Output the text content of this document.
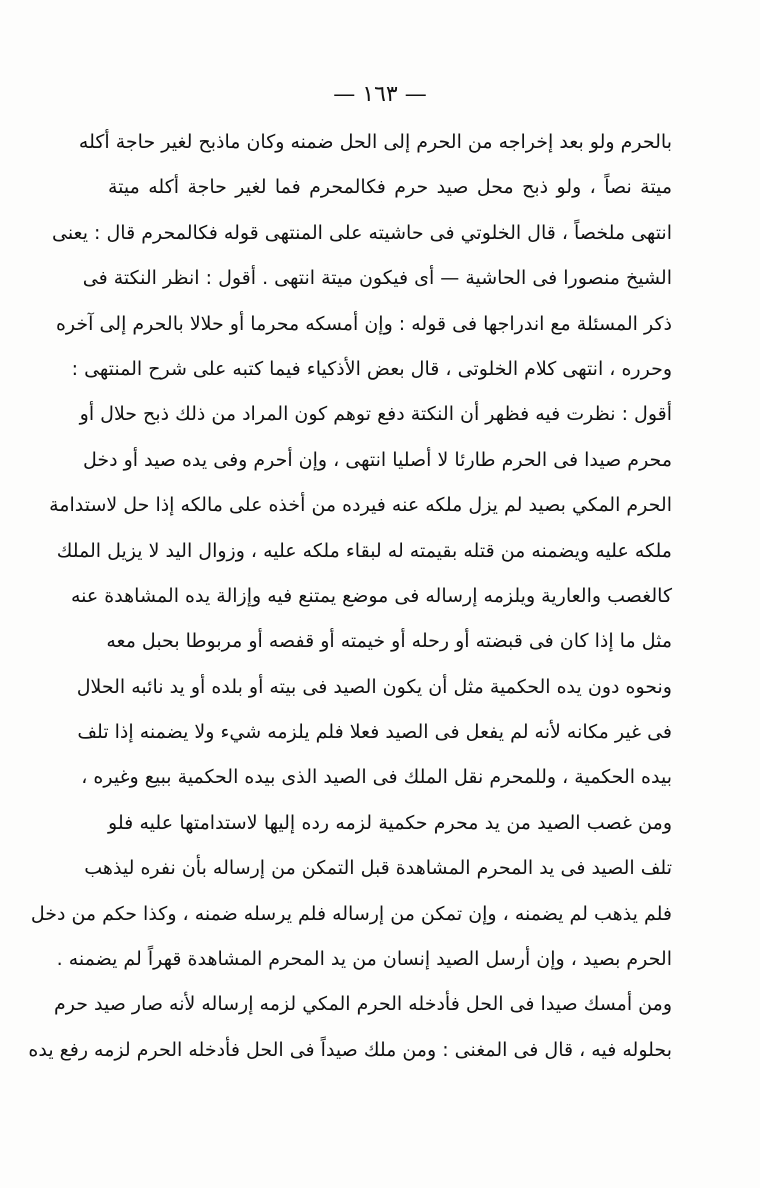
— ١٦٣ —
بالحرم ولو بعد إخراجه من الحرم إلى الحل ضمنه وكان ماذبح لغير حاجة أكله
ميتة نصاً ، ولو ذبح محل صيد حرم فكالمحرم فما لغير حاجة أكله ميتة
انتهى ملخصاً ، قال الخلوتي فى حاشيته على المنتهى قوله فكالمحرم قال : يعنى
الشيخ منصورا فى الحاشية — أى فيكون ميتة انتهى . أقول : انظر النكتة فى
ذكر المسئلة مع اندراجها فى قوله : وإن أمسكه محرما أو حلالا بالحرم إلى آخره
وحرره ، انتهى كلام الخلوتى ، قال بعض الأذكياء فيما كتبه على شرح المنتهى :
أقول : نظرت فيه فظهر أن النكتة دفع توهم كون المراد من ذلك ذبح حلال أو
محرم صيدا فى الحرم طارئا لا أصليا انتهى ، وإن أحرم وفى يده صيد أو دخل
الحرم المكي بصيد لم يزل ملكه عنه فيرده من أخذه على مالكه إذا حل لاستدامة
ملكه عليه ويضمنه من قتله بقيمته له لبقاء ملكه عليه ، وزوال اليد لا يزيل الملك
كالغصب والعارية ويلزمه إرساله فى موضع يمتنع فيه وإزالة يده المشاهدة عنه
مثل ما إذا كان فى قبضته أو رحله أو خيمته أو قفصه أو مربوطا بحبل معه
ونحوه دون يده الحكمية مثل أن يكون الصيد فى بيته أو بلده أو يد نائبه الحلال
فى غير مكانه لأنه لم يفعل فى الصيد فعلا فلم يلزمه شيء ولا يضمنه إذا تلف
بيده الحكمية ، وللمحرم نقل الملك فى الصيد الذى بيده الحكمية ببيع وغيره ،
ومن غصب الصيد من يد محرم حكمية لزمه رده إليها لاستدامتها عليه فلو
تلف الصيد فى يد المحرم المشاهدة قبل التمكن من إرساله بأن نفره ليذهب
فلم يذهب لم يضمنه ، وإن تمكن من إرساله فلم يرسله ضمنه ، وكذا حكم من دخل
الحرم بصيد ، وإن أرسل الصيد إنسان من يد المحرم المشاهدة قهراً لم يضمنه .
ومن أمسك صيدا فى الحل فأدخله الحرم المكي لزمه إرساله لأنه صار صيد حرم
بحلوله فيه ، قال فى المغنى : ومن ملك صيداً فى الحل فأدخله الحرم لزمه رفع يده
